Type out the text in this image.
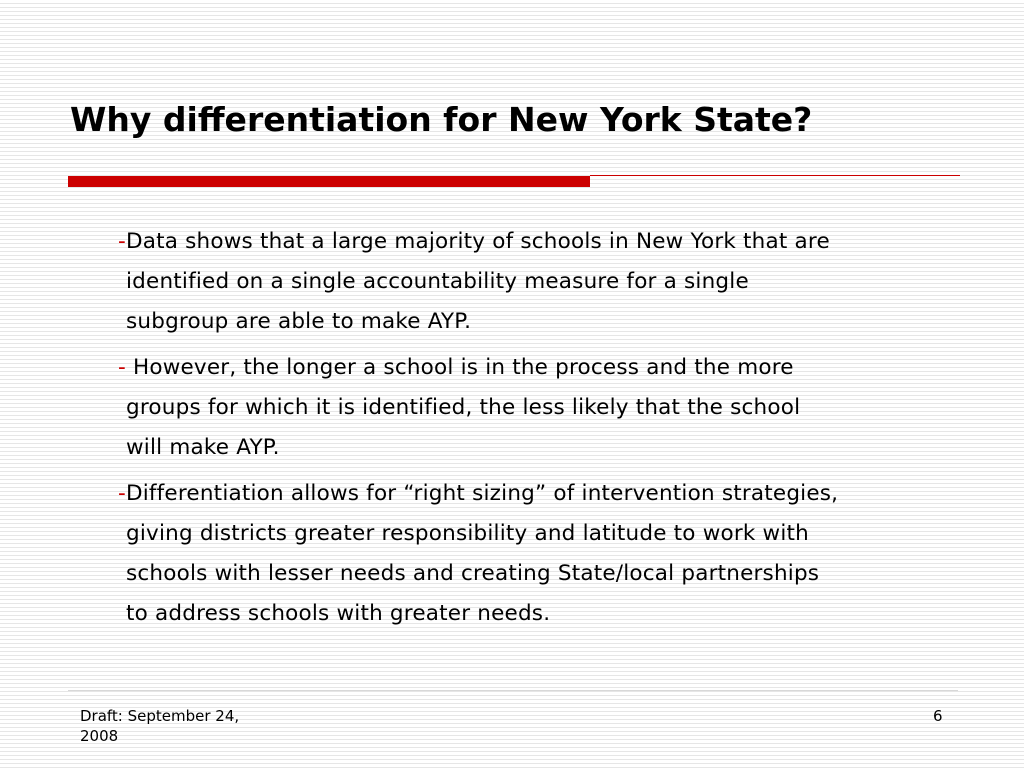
Why differentiation for New York State?

-Data shows that a large majority of schools in New York that are
identified on a single accountability measure for a single
subgroup are able to make AYP.

- However, the longer a school is in the process and the more
groups for which it is identified, the less likely that the school
will make AYP.

-Differentiation allows for “right sizing” of intervention strategies,
giving districts greater responsibility and latitude to work with
schools with lesser needs and creating State/local partnerships
to address schools with greater needs.

Draft: September 24, 2008
6
